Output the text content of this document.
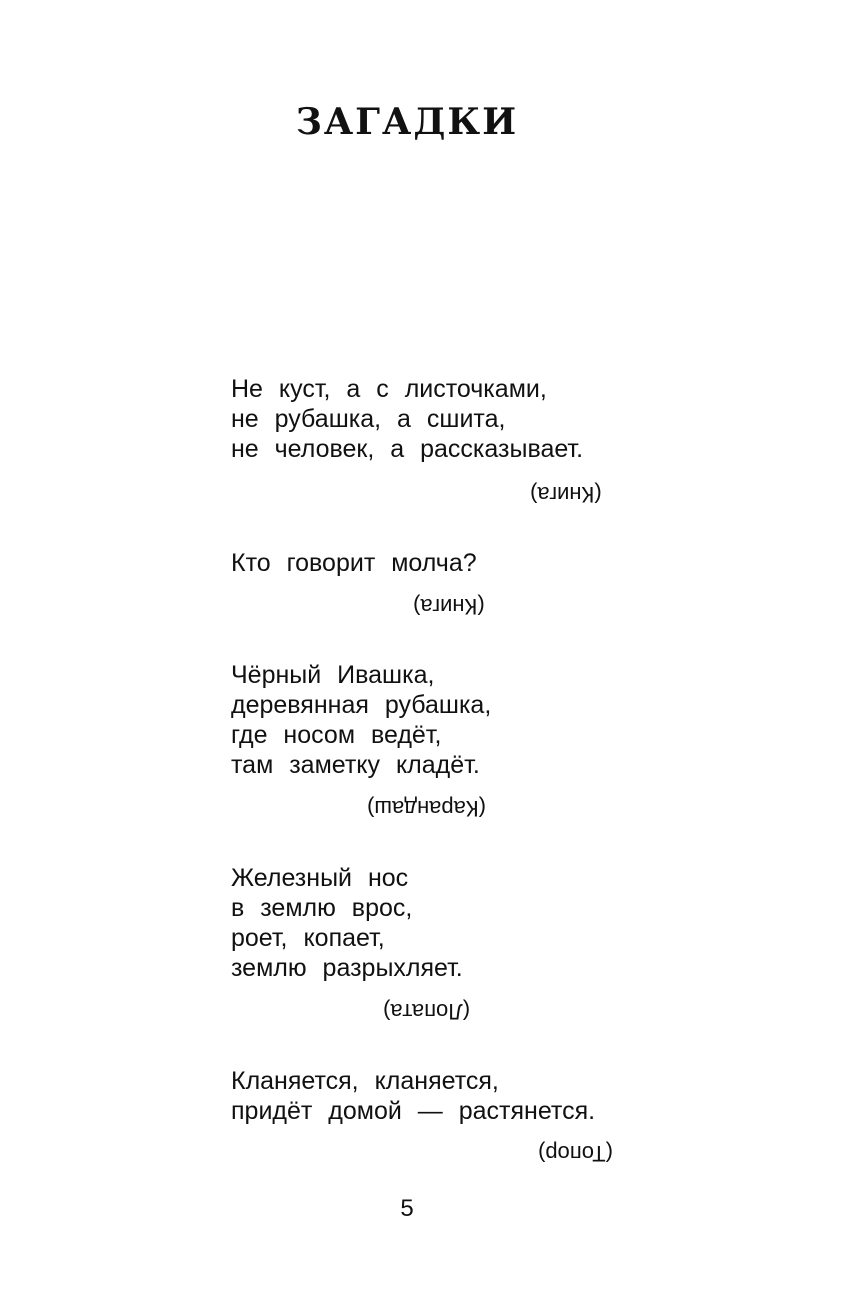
ЗАГАДКИ
Не куст, а с листочками,
не рубашка, а сшита,
не человек, а рассказывает.
(Книга)
Кто говорит молча?
(Книга)
Чёрный Ивашка,
деревянная рубашка,
где носом ведёт,
там заметку кладёт.
(Карандаш)
Железный нос
в землю врос,
роет, копает,
землю разрыхляет.
(Лопата)
Кланяется, кланяется,
придёт домой — растянется.
(Топор)
5
